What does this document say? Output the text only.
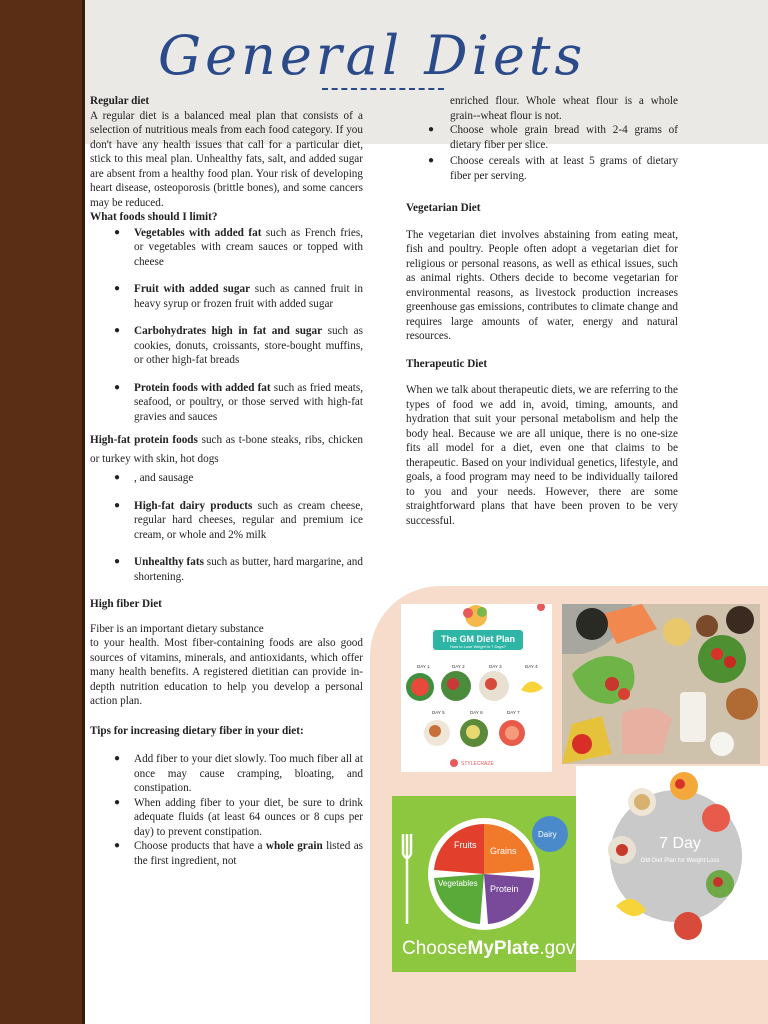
General Diets
Regular diet

A regular diet is a balanced meal plan that consists of a selection of nutritious meals from each food category. If you don't have any health issues that call for a particular diet, stick to this meal plan. Unhealthy fats, salt, and added sugar are absent from a healthy food plan. Your risk of developing heart disease, osteoporosis (brittle bones), and some cancers may be reduced.

What foods should I limit?
● Vegetables with added fat such as French fries, or vegetables with cream sauces or topped with cheese

● Fruit with added sugar such as canned fruit in heavy syrup or frozen fruit with added sugar

● Carbohydrates high in fat and sugar such as cookies, donuts, croissants, store-bought muffins, or other high-fat breads

● Protein foods with added fat such as fried meats, seafood, or poultry, or those served with high-fat gravies and sauces

High-fat protein foods such as t-bone steaks, ribs, chicken or turkey with skin, hot dogs

● , and sausage

● High-fat dairy products such as cream cheese, regular hard cheeses, regular and premium ice cream, or whole and 2% milk

● Unhealthy fats such as butter, hard margarine, and shortening.

High fiber Diet

Fiber is an important dietary substance

to your health. Most fiber-containing foods are also good sources of vitamins, minerals, and antioxidants, which offer many health benefits. A registered dietitian can provide in-depth nutrition education to help you develop a personal action plan.

Tips for increasing dietary fiber in your diet:
● Add fiber to your diet slowly. Too much fiber all at once may cause cramping, bloating, and constipation.

● When adding fiber to your diet, be sure to drink adequate fluids (at least 64 ounces or 8 cups per day) to prevent constipation.

● Choose products that have a whole grain listed as the first ingredient, not

enriched flour. Whole wheat flour is a whole grain--wheat flour is not.

● Choose whole grain bread with 2-4 grams of dietary fiber per slice.

● Choose cereals with at least 5 grams of dietary fiber per serving.

Vegetarian Diet

The vegetarian diet involves abstaining from eating meat, fish and poultry. People often adopt a vegetarian diet for religious or personal reasons, as well as ethical issues, such as animal rights. Others decide to become vegetarian for environmental reasons, as livestock production increases greenhouse gas emissions, contributes to climate change and requires large amounts of water, energy and natural resources.

Therapeutic Diet

When we talk about therapeutic diets, we are referring to the types of food we add in, avoid, timing, amounts, and hydration that suit your personal metabolism and help the body heal. Because we are all unique, there is no one-size fits all model for a diet, even one that claims to be therapeutic. Based on your individual genetics, lifestyle, and goals, a food program may need to be individually tailored to you and your needs. However, there are some straightforward plans that have been proven to be very successful.

The GM Diet Plan
How to Lose Weight in 7 Days?
DAY 1	DAY 2	DAY 3	DAY 4
DAY 5	DAY 6	DAY 7
STYLECRAZE
Fruits
Grains
Vegetables
Protein
Dairy
ChooseMyPlate.gov
7 Day
GM Diet Plan for Weight Loss
